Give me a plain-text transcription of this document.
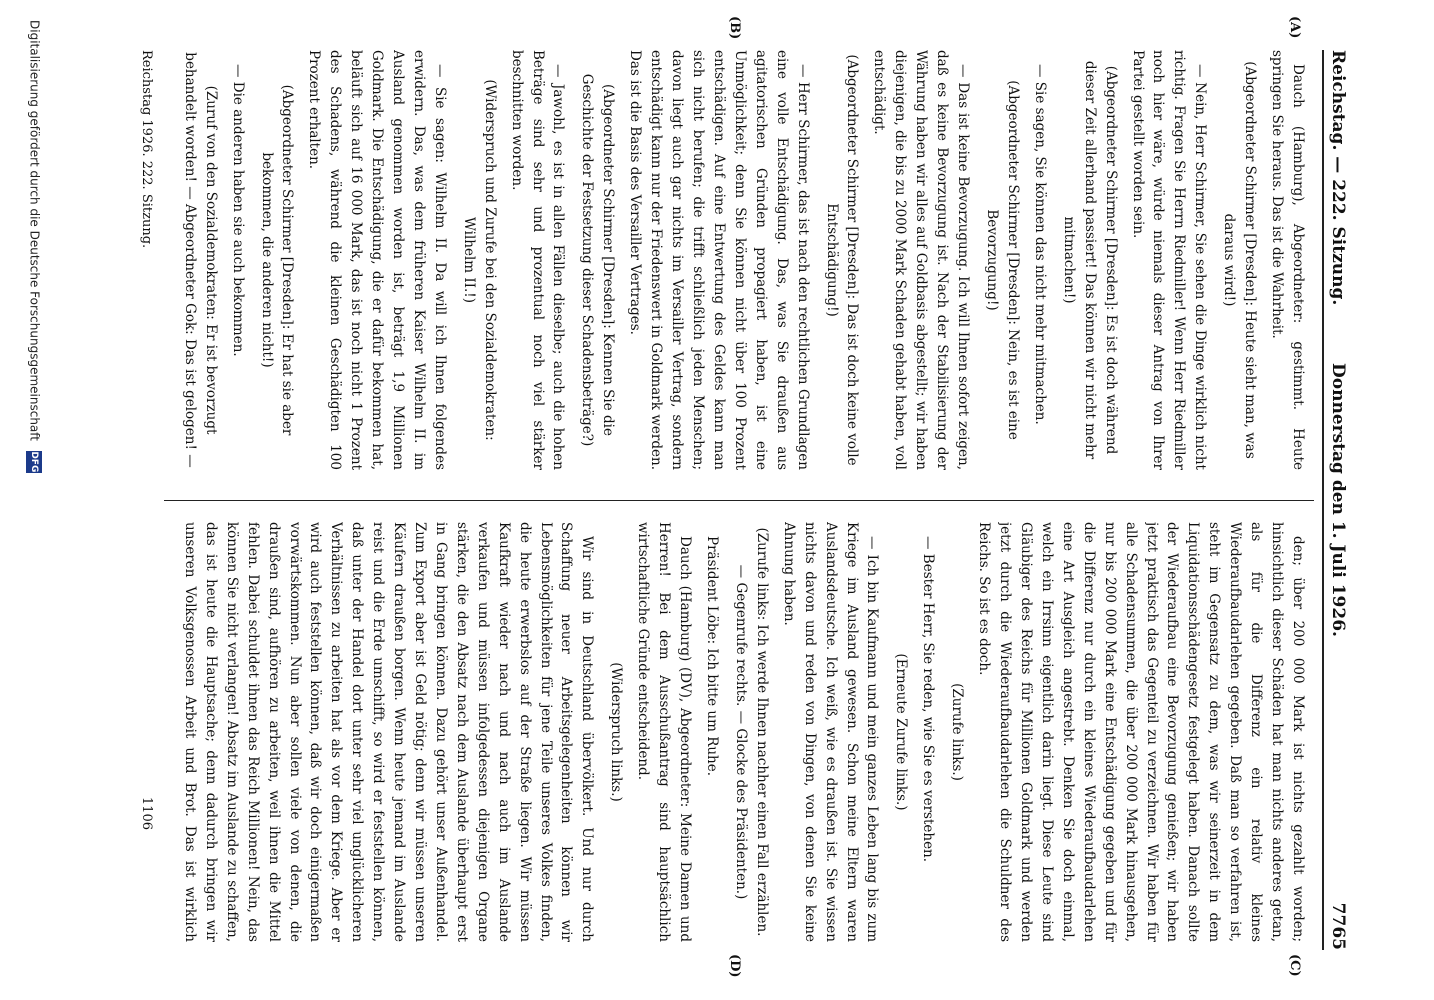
Reichstag. — 222. Sitzung.
Donnerstag den 1. Juli 1926.
7765
(A)
(B)
(C)
(D)

Dauch (Hamburg), Abgeordneter: gestimmt. Heute springen Sie heraus. Das ist die Wahrheit.

(Abgeordneter Schirmer [Dresden]: Heute sieht man, was daraus wird!)

— Nein, Herr Schirmer, Sie sehen die Dinge wirklich nicht richtig. Fragen Sie Herrn Riedmiller! Wenn Herr Riedmiller noch hier wäre, würde niemals dieser Antrag von Ihrer Partei gestellt worden sein.

(Abgeordneter Schirmer [Dresden]: Es ist doch während dieser Zeit allerhand passiert! Das können wir nicht mehr mitmachen!)

— Sie sagen, Sie können das nicht mehr mitmachen.

(Abgeordneter Schirmer [Dresden]: Nein, es ist eine Bevorzugung!)

— Das ist keine Bevorzugung. Ich will Ihnen sofort zeigen, daß es keine Bevorzugung ist. Nach der Stabilisierung der Währung haben wir alles auf Goldbasis abgestellt; wir haben diejenigen, die bis zu 2000 Mark Schaden gehabt haben, voll entschädigt.

(Abgeordneter Schirmer [Dresden]: Das ist doch keine volle Entschädigung!)

— Herr Schirmer, das ist nach den rechtlichen Grundlagen eine volle Entschädigung. Das, was Sie draußen aus agitatorischen Gründen propagiert haben, ist eine Unmöglichkeit; denn Sie können nicht über 100 Prozent entschädigen. Auf eine Entwertung des Geldes kann man sich nicht berufen; die trifft schließlich jeden Menschen; davon liegt auch gar nichts im Versailler Vertrag, sondern entschädigt kann nur der Friedenswert in Goldmark werden. Das ist die Basis des Versailler Vertrages.

(Abgeordneter Schirmer [Dresden]: Kennen Sie die Geschichte der Festsetzung dieser Schadensbeträge?)

— Jawohl, es ist in allen Fällen dieselbe; auch die hohen Beträge sind sehr und prozentual noch viel stärker beschnitten worden.

(Widerspruch und Zurufe bei den Sozialdemokraten: Wilhelm II.!)

— Sie sagen: Wilhelm II. Da will ich Ihnen folgendes erwidern. Das, was dem früheren Kaiser Wilhelm II. im Ausland genommen worden ist, beträgt 1,9 Millionen Goldmark. Die Entschädigung, die er dafür bekommen hat, beläuft sich auf 16 000 Mark, das ist noch nicht 1 Prozent des Schadens, während die kleinen Geschädigten 100 Prozent erhalten.

(Abgeordneter Schirmer [Dresden]: Er hat sie aber bekommen, die anderen nicht!)

— Die anderen haben sie auch bekommen.

(Zuruf von den Sozialdemokraten: Er ist bevorzugt behandelt worden! — Abgeordneter Gok: Das ist gelogen! —

den; über 200 000 Mark ist nichts gezahlt worden; hinsichtlich dieser Schäden hat man nichts anderes getan, als für die Differenz ein relativ kleines Wiederaufbaudarlehen gegeben. Daß man so verfahren ist, steht im Gegensatz zu dem, was wir seinerzeit in dem Liquidationsschädengesetz festgelegt haben. Danach sollte der Wiederaufbau eine Bevorzugung genießen; wir haben jetzt praktisch das Gegenteil zu verzeichnen. Wir haben für alle Schadensummen, die über 200 000 Mark hinausgehen, nur bis 200 000 Mark eine Entschädigung gegeben und für die Differenz nur durch ein kleines Wiederaufbaudarlehen eine Art Ausgleich angestrebt. Denken Sie doch einmal, welch ein Irrsinn eigentlich darin liegt. Diese Leute sind Gläubiger des Reichs für Millionen Goldmark und werden jetzt durch die Wiederaufbaudarlehen die Schuldner des Reichs. So ist es doch.

(Zurufe links.)

— Bester Herr, Sie reden, wie Sie es verstehen.

(Erneute Zurufe links.)

— Ich bin Kaufmann und mein ganzes Leben lang bis zum Kriege im Ausland gewesen. Schon meine Eltern waren Auslandsdeutsche. Ich weiß, wie es draußen ist. Sie wissen nichts davon und reden von Dingen, von denen Sie keine Ahnung haben.

(Zurufe links: Ich werde Ihnen nachher einen Fall erzählen. — Gegenrufe rechts. — Glocke des Präsidenten.)

Präsident Löbe: Ich bitte um Ruhe.

Dauch (Hamburg) (DV), Abgeordneter: Meine Damen und Herren! Bei dem Ausschußantrag sind hauptsächlich wirtschaftliche Gründe entscheidend.

(Widerspruch links.)

Wir sind in Deutschland übervölkert. Und nur durch Schaffung neuer Arbeitsgelegenheiten können wir Lebensmöglichkeiten für jene Teile unseres Volkes finden, die heute erwerbslos auf der Straße liegen. Wir müssen Kaufkraft wieder nach und nach auch im Auslande verkaufen und müssen infolgedessen diejenigen Organe stärken, die den Absatz nach dem Auslande überhaupt erst in Gang bringen können. Dazu gehört unser Außenhandel. Zum Export aber ist Geld nötig; denn wir müssen unseren Käufern draußen borgen. Wenn heute jemand im Auslande reist und die Erde umschifft, so wird er feststellen können, daß unter der Handel dort unter sehr viel unglücklicheren Verhältnissen zu arbeiten hat als vor dem Kriege. Aber er wird auch feststellen können, daß wir doch einigermaßen vorwärtskommen. Nun aber sollen viele von denen, die draußen sind, aufhören zu arbeiten, weil ihnen die Mittel fehlen. Dabei schuldet ihnen das Reich Millionen! Nein, das können Sie nicht verlangen! Absatz im Auslande zu schaffen, das ist heute die Hauptsache; denn dadurch bringen wir unseren Volksgenossen Arbeit und Brot. Das ist wirklich

Reichstag 1926. 222. Sitzung.
1106
Digitalisierung gefördert durch die Deutsche Forschungsgemeinschaft DFG
